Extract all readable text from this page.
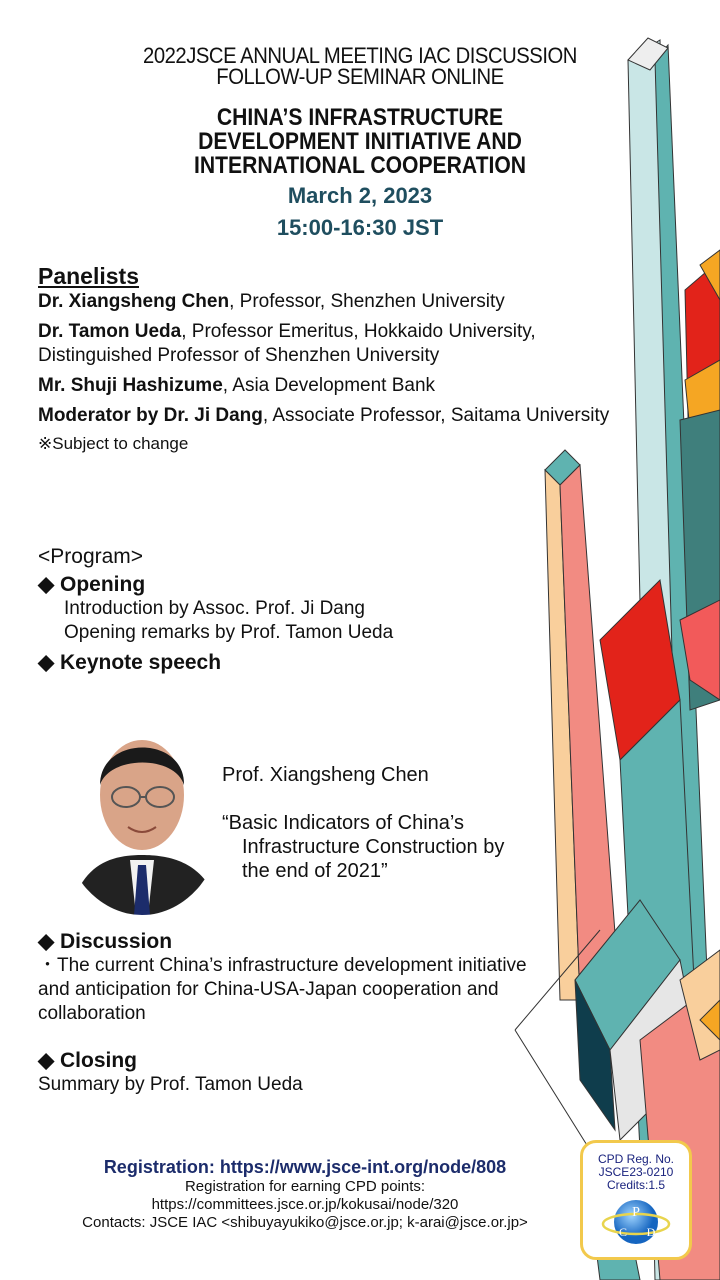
2022JSCE ANNUAL MEETING IAC DISCUSSION
FOLLOW-UP SEMINAR ONLINE
CHINA’S INFRASTRUCTURE
DEVELOPMENT INITIATIVE AND
INTERNATIONAL COOPERATION
March 2, 2023
15:00-16:30 JST
Panelists
Dr. Xiangsheng Chen, Professor, Shenzhen University
Dr. Tamon Ueda, Professor Emeritus, Hokkaido University, Distinguished Professor of Shenzhen University
Mr. Shuji Hashizume, Asia Development Bank
Moderator by Dr. Ji Dang, Associate Professor, Saitama University
※Subject to change
<Program>
◆ Opening
Introduction by Assoc. Prof. Ji Dang
Opening remarks by Prof. Tamon Ueda
◆ Keynote speech
Prof. Xiangsheng Chen
“Basic Indicators of China’s
Infrastructure Construction by
the end of 2021”
◆ Discussion
・The current China’s infrastructure development initiative and anticipation for China-USA-Japan cooperation and collaboration
◆ Closing
Summary by Prof. Tamon Ueda
Registration: https://www.jsce-int.org/node/808
Registration for earning CPD points:
https://committees.jsce.or.jp/kokusai/node/320
Contacts: JSCE IAC <shibuyayukiko@jsce.or.jp; k-arai@jsce.or.jp>
CPD Reg. No.
JSCE23-0210
Credits:1.5
P
C D
